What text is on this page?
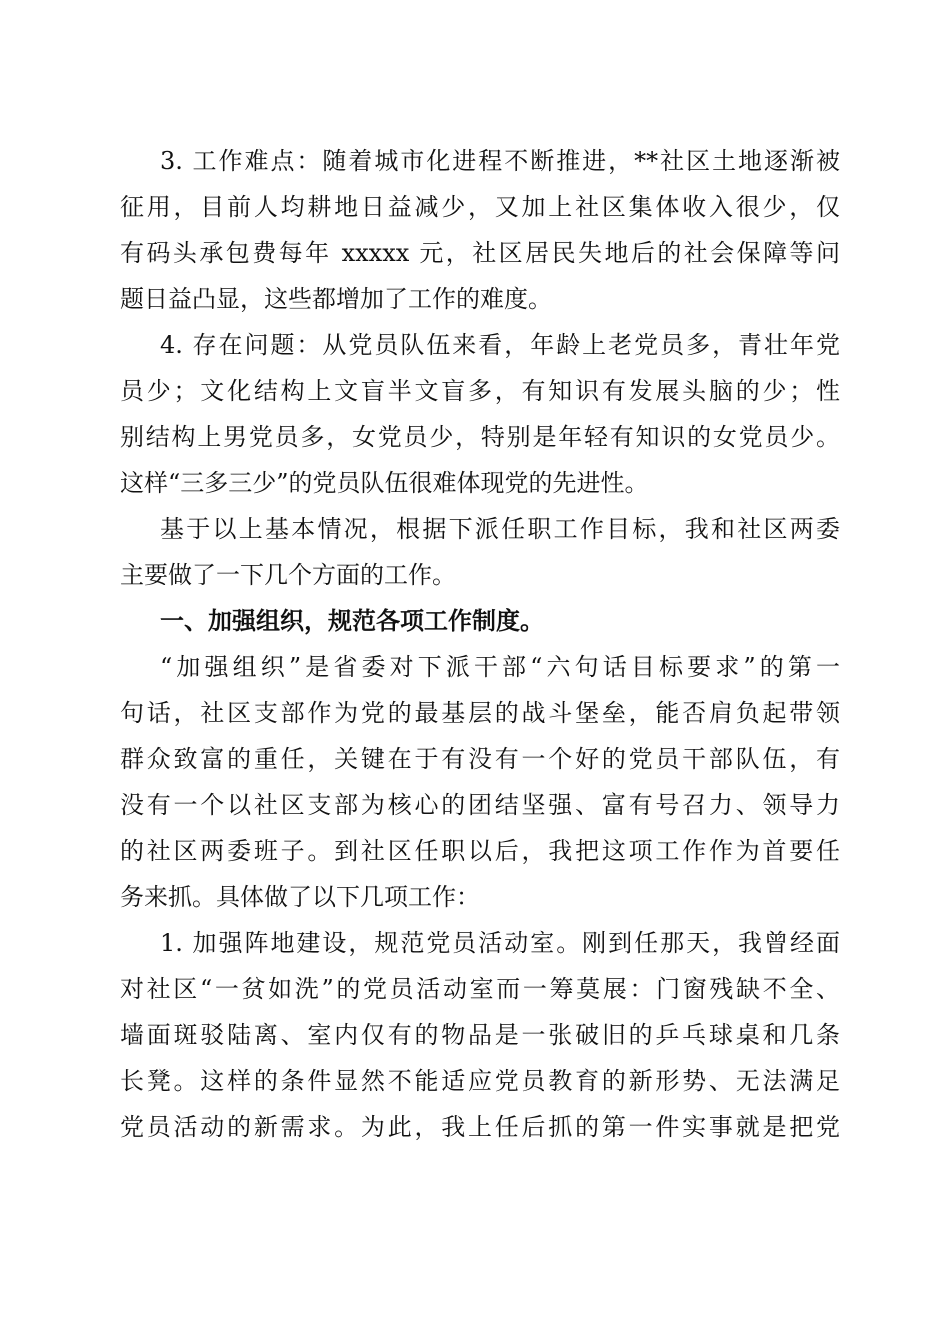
3. 工作难点：随着城市化进程不断推进，**社区土地逐渐被
征用，目前人均耕地日益减少，又加上社区集体收入很少，仅
有码头承包费每年 xxxxx 元，社区居民失地后的社会保障等问
题日益凸显，这些都增加了工作的难度。
4. 存在问题：从党员队伍来看，年龄上老党员多，青壮年党
员少；文化结构上文盲半文盲多，有知识有发展头脑的少；性
别结构上男党员多，女党员少，特别是年轻有知识的女党员少。
这样“三多三少”的党员队伍很难体现党的先进性。
基于以上基本情况，根据下派任职工作目标，我和社区两委
主要做了一下几个方面的工作。
一、加强组织，规范各项工作制度。
“加强组织”是省委对下派干部“六句话目标要求”的第一
句话，社区支部作为党的最基层的战斗堡垒，能否肩负起带领
群众致富的重任，关键在于有没有一个好的党员干部队伍，有
没有一个以社区支部为核心的团结坚强、富有号召力、领导力
的社区两委班子。到社区任职以后，我把这项工作作为首要任
务来抓。具体做了以下几项工作：
1. 加强阵地建设，规范党员活动室。刚到任那天，我曾经面
对社区“一贫如洗”的党员活动室而一筹莫展：门窗残缺不全、
墙面斑驳陆离、室内仅有的物品是一张破旧的乒乓球桌和几条
长凳。这样的条件显然不能适应党员教育的新形势、无法满足
党员活动的新需求。为此，我上任后抓的第一件实事就是把党
